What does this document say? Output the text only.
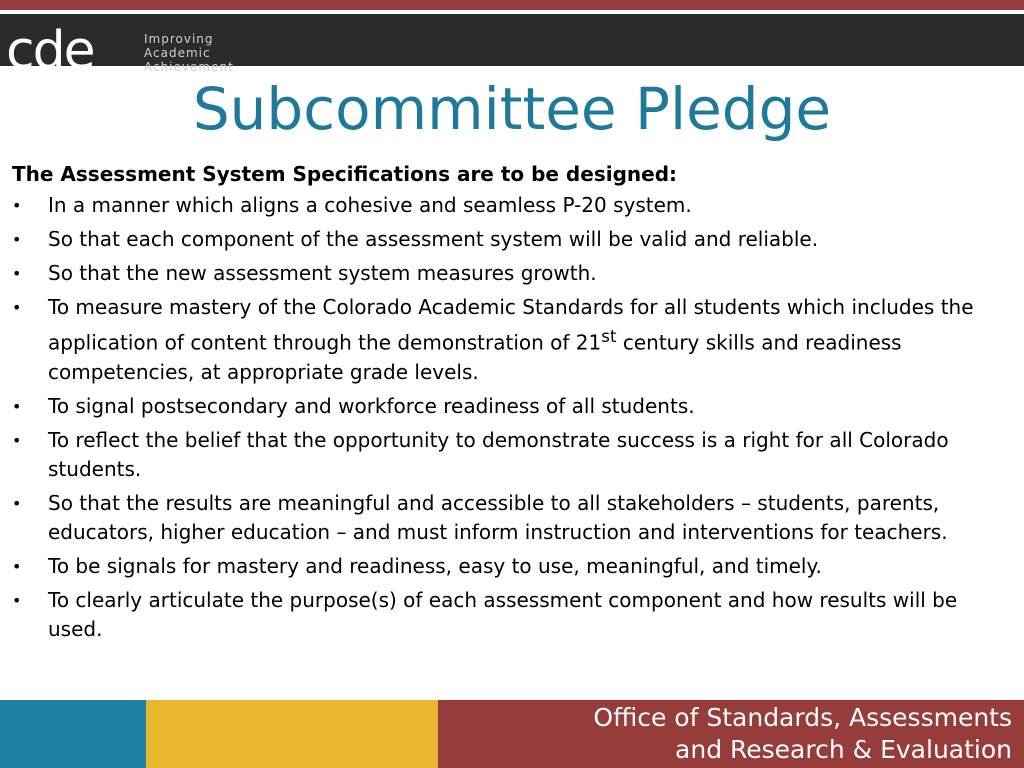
cde	Improving
Academic
Achievement
Subcommittee Pledge

The Assessment System Specifications are to be designed:

• In a manner which aligns a cohesive and seamless P-20 system.
• So that each component of the assessment system will be valid and reliable.
• So that the new assessment system measures growth.
• To measure mastery of the Colorado Academic Standards for all students which includes the application of content through the demonstration of 21st century skills and readiness competencies, at appropriate grade levels.
• To signal postsecondary and workforce readiness of all students.
• To reflect the belief that the opportunity to demonstrate success is a right for all Colorado students.
• So that the results are meaningful and accessible to all stakeholders – students, parents, educators, higher education – and must inform instruction and interventions for teachers.
• To be signals for mastery and readiness, easy to use, meaningful, and timely.
• To clearly articulate the purpose(s) of each assessment component and how results will be used.
Office of Standards, Assessments
and Research & Evaluation
